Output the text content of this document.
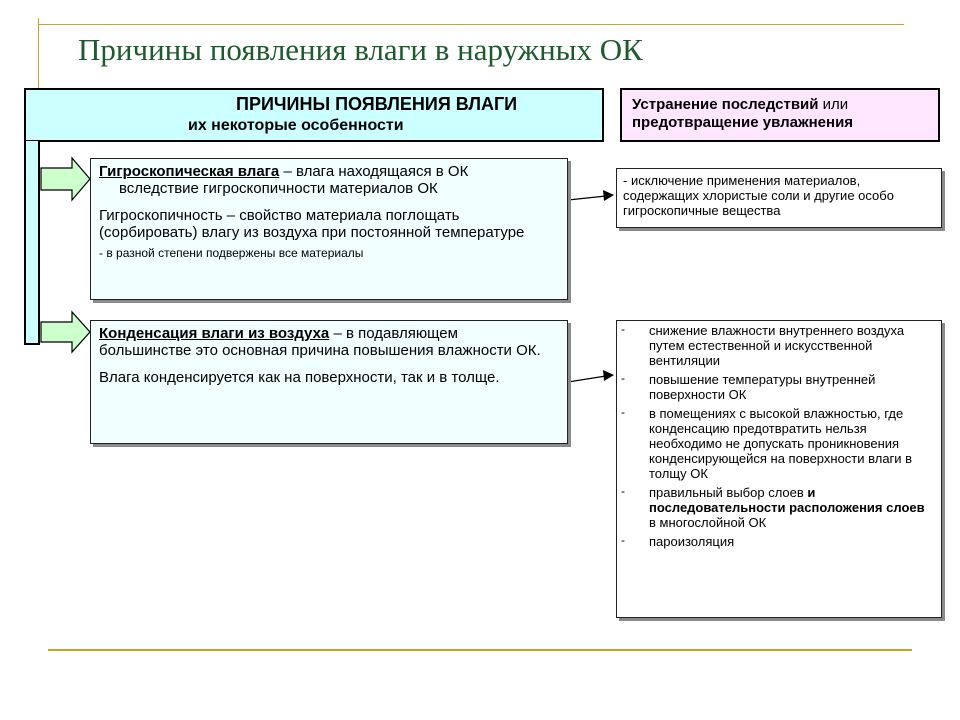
Причины появления влаги в наружных ОК
ПРИЧИНЫ ПОЯВЛЕНИЯ ВЛАГИ
их некоторые особенности
Устранение последствий или
предотвращение увлажнения

Гигроскопическая влага – влага находящаяся в ОК

вследствие гигроскопичности материалов ОК

Гигроскопичность – свойство материала поглощать (сорбировать) влагу из воздуха при постоянной температуре

- в разной степени подвержены все материалы

Конденсация влаги из воздуха – в подавляющем

большинстве это основная причина повышения влажности ОК.

Влага конденсируется как на поверхности, так и в толще.

- исключение применения материалов, содержащих хлористые соли и другие особо гигроскопичные вещества
-	снижение влажности внутреннего воздуха путем естественной и искусственной вентиляции
-	повышение температуры внутренней поверхности ОК
-	в помещениях с высокой влажностью, где конденсацию предотвратить нельзя необходимо не допускать проникновения конденсирующейся на поверхности влаги в толщу ОК
-	правильный выбор слоев и последовательности расположения слоев в многослойной ОК
-	пароизоляция
